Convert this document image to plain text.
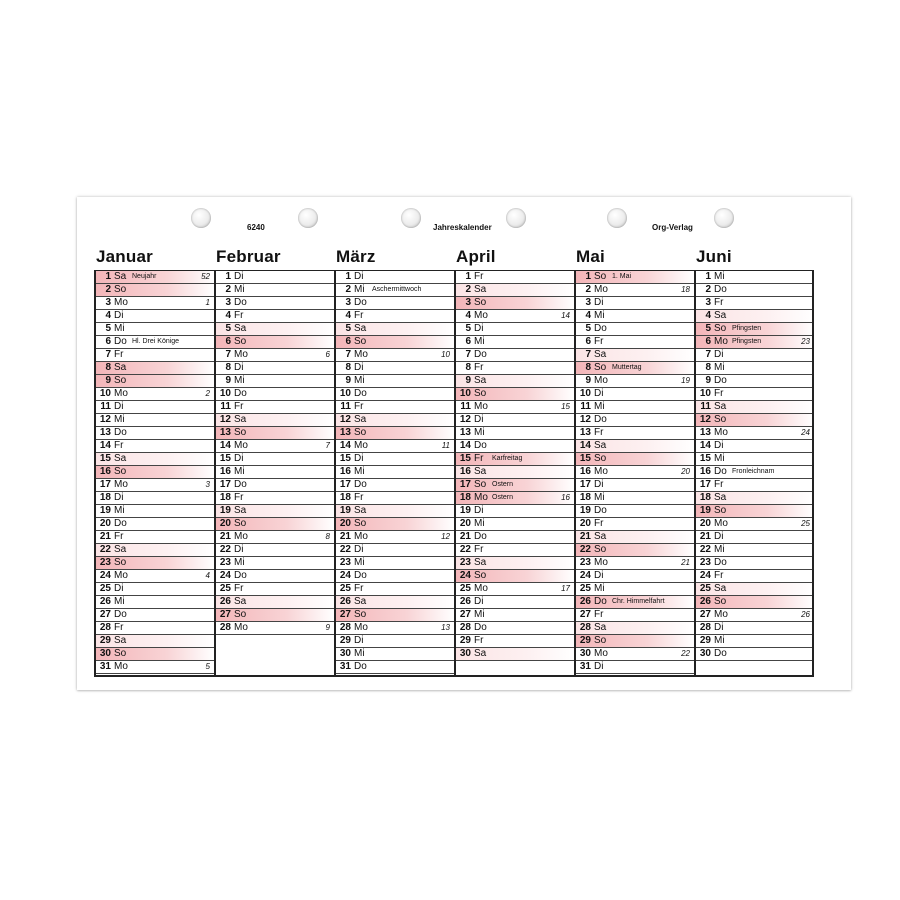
6240	Jahreskalender	Org-Verlag
Januar
1 Sa Neujahr	52
2 So
3 Mo	1
4 Di
5 Mi
6 Do Hl. Drei Könige
7 Fr
8 Sa
9 So
10 Mo	2
11 Di
12 Mi
13 Do
14 Fr
15 Sa
16 So
17 Mo	3
18 Di
19 Mi
20 Do
21 Fr
22 Sa
23 So
24 Mo	4
25 Di
26 Mi
27 Do
28 Fr
29 Sa
30 So
31 Mo	5
Februar
1 Di
2 Mi
3 Do
4 Fr
5 Sa
6 So
7 Mo	6
8 Di
9 Mi
10 Do
11 Fr
12 Sa
13 So
14 Mo	7
15 Di
16 Mi
17 Do
18 Fr
19 Sa
20 So
21 Mo	8
22 Di
23 Mi
24 Do
25 Fr
26 Sa
27 So
28 Mo	9
März
1 Di
2 Mi Aschermittwoch
3 Do
4 Fr
5 Sa
6 So
7 Mo	10
8 Di
9 Mi
10 Do
11 Fr
12 Sa
13 So
14 Mo	11
15 Di
16 Mi
17 Do
18 Fr
19 Sa
20 So
21 Mo	12
22 Di
23 Mi
24 Do
25 Fr
26 Sa
27 So
28 Mo	13
29 Di
30 Mi
31 Do
April
1 Fr
2 Sa
3 So
4 Mo	14
5 Di
6 Mi
7 Do
8 Fr
9 Sa
10 So
11 Mo	15
12 Di
13 Mi
14 Do
15 Fr Karfreitag
16 Sa
17 So Ostern
18 Mo Ostern	16
19 Di
20 Mi
21 Do
22 Fr
23 Sa
24 So
25 Mo	17
26 Di
27 Mi
28 Do
29 Fr
30 Sa
Mai
1 So 1. Mai
2 Mo	18
3 Di
4 Mi
5 Do
6 Fr
7 Sa
8 So Muttertag
9 Mo	19
10 Di
11 Mi
12 Do
13 Fr
14 Sa
15 So
16 Mo	20
17 Di
18 Mi
19 Do
20 Fr
21 Sa
22 So
23 Mo	21
24 Di
25 Mi
26 Do Chr. Himmelfahrt
27 Fr
28 Sa
29 So
30 Mo	22
31 Di
Juni
1 Mi
2 Do
3 Fr
4 Sa
5 So Pfingsten
6 Mo Pfingsten	23
7 Di
8 Mi
9 Do
10 Fr
11 Sa
12 So
13 Mo	24
14 Di
15 Mi
16 Do Fronleichnam
17 Fr
18 Sa
19 So
20 Mo	25
21 Di
22 Mi
23 Do
24 Fr
25 Sa
26 So
27 Mo	26
28 Di
29 Mi
30 Do
